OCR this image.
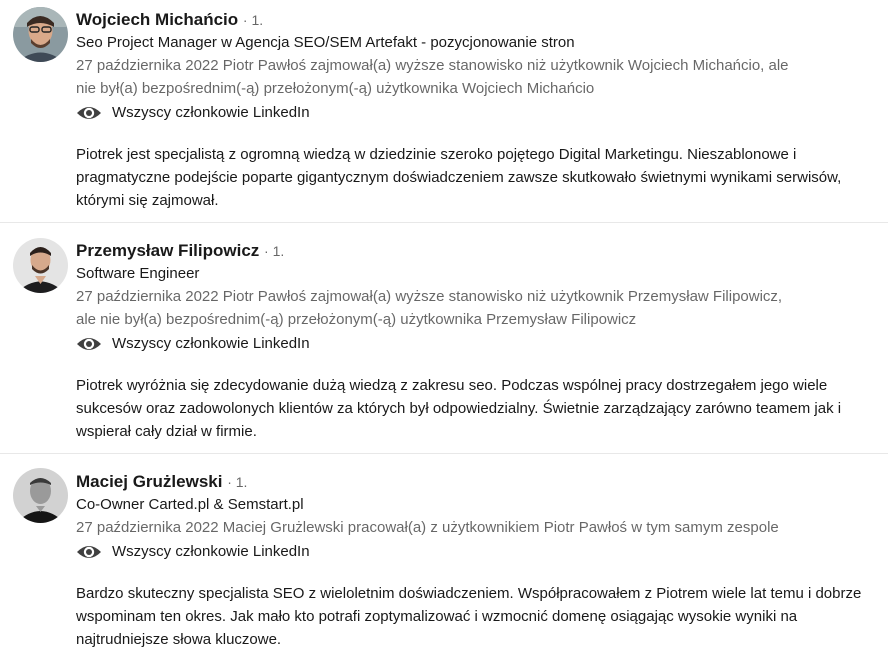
Wojciech Michańcio · 1.
Seo Project Manager w Agencja SEO/SEM Artefakt - pozycjonowanie stron
27 października 2022 Piotr Pawłoś zajmował(a) wyższe stanowisko niż użytkownik Wojciech Michańcio, ale
nie był(a) bezpośrednim(-ą) przełożonym(-ą) użytkownika Wojciech Michańcio
Wszyscy członkowie LinkedIn
Piotrek jest specjalistą z ogromną wiedzą w dziedzinie szeroko pojętego Digital Marketingu. Nieszablonowe i pragmatyczne podejście poparte gigantycznym doświadczeniem zawsze skutkowało świetnymi wynikami serwisów, którymi się zajmował.
Przemysław Filipowicz · 1.
Software Engineer
27 października 2022 Piotr Pawłoś zajmował(a) wyższe stanowisko niż użytkownik Przemysław Filipowicz,
ale nie był(a) bezpośrednim(-ą) przełożonym(-ą) użytkownika Przemysław Filipowicz
Wszyscy członkowie LinkedIn
Piotrek wyróżnia się zdecydowanie dużą wiedzą z zakresu seo. Podczas wspólnej pracy dostrzegałem jego wiele sukcesów oraz zadowolonych klientów za których był odpowiedzialny. Świetnie zarządzający zarówno teamem jak i wspierał cały dział w firmie.
Maciej Grużlewski · 1.
Co-Owner Carted.pl & Semstart.pl
27 października 2022 Maciej Grużlewski pracował(a) z użytkownikiem Piotr Pawłoś w tym samym zespole
Wszyscy członkowie LinkedIn
Bardzo skuteczny specjalista SEO z wieloletnim doświadczeniem. Współpracowałem z Piotrem wiele lat temu i dobrze wspominam ten okres. Jak mało kto potrafi zoptymalizować i wzmocnić domenę osiągając wysokie wyniki na najtrudniejsze słowa kluczowe.
